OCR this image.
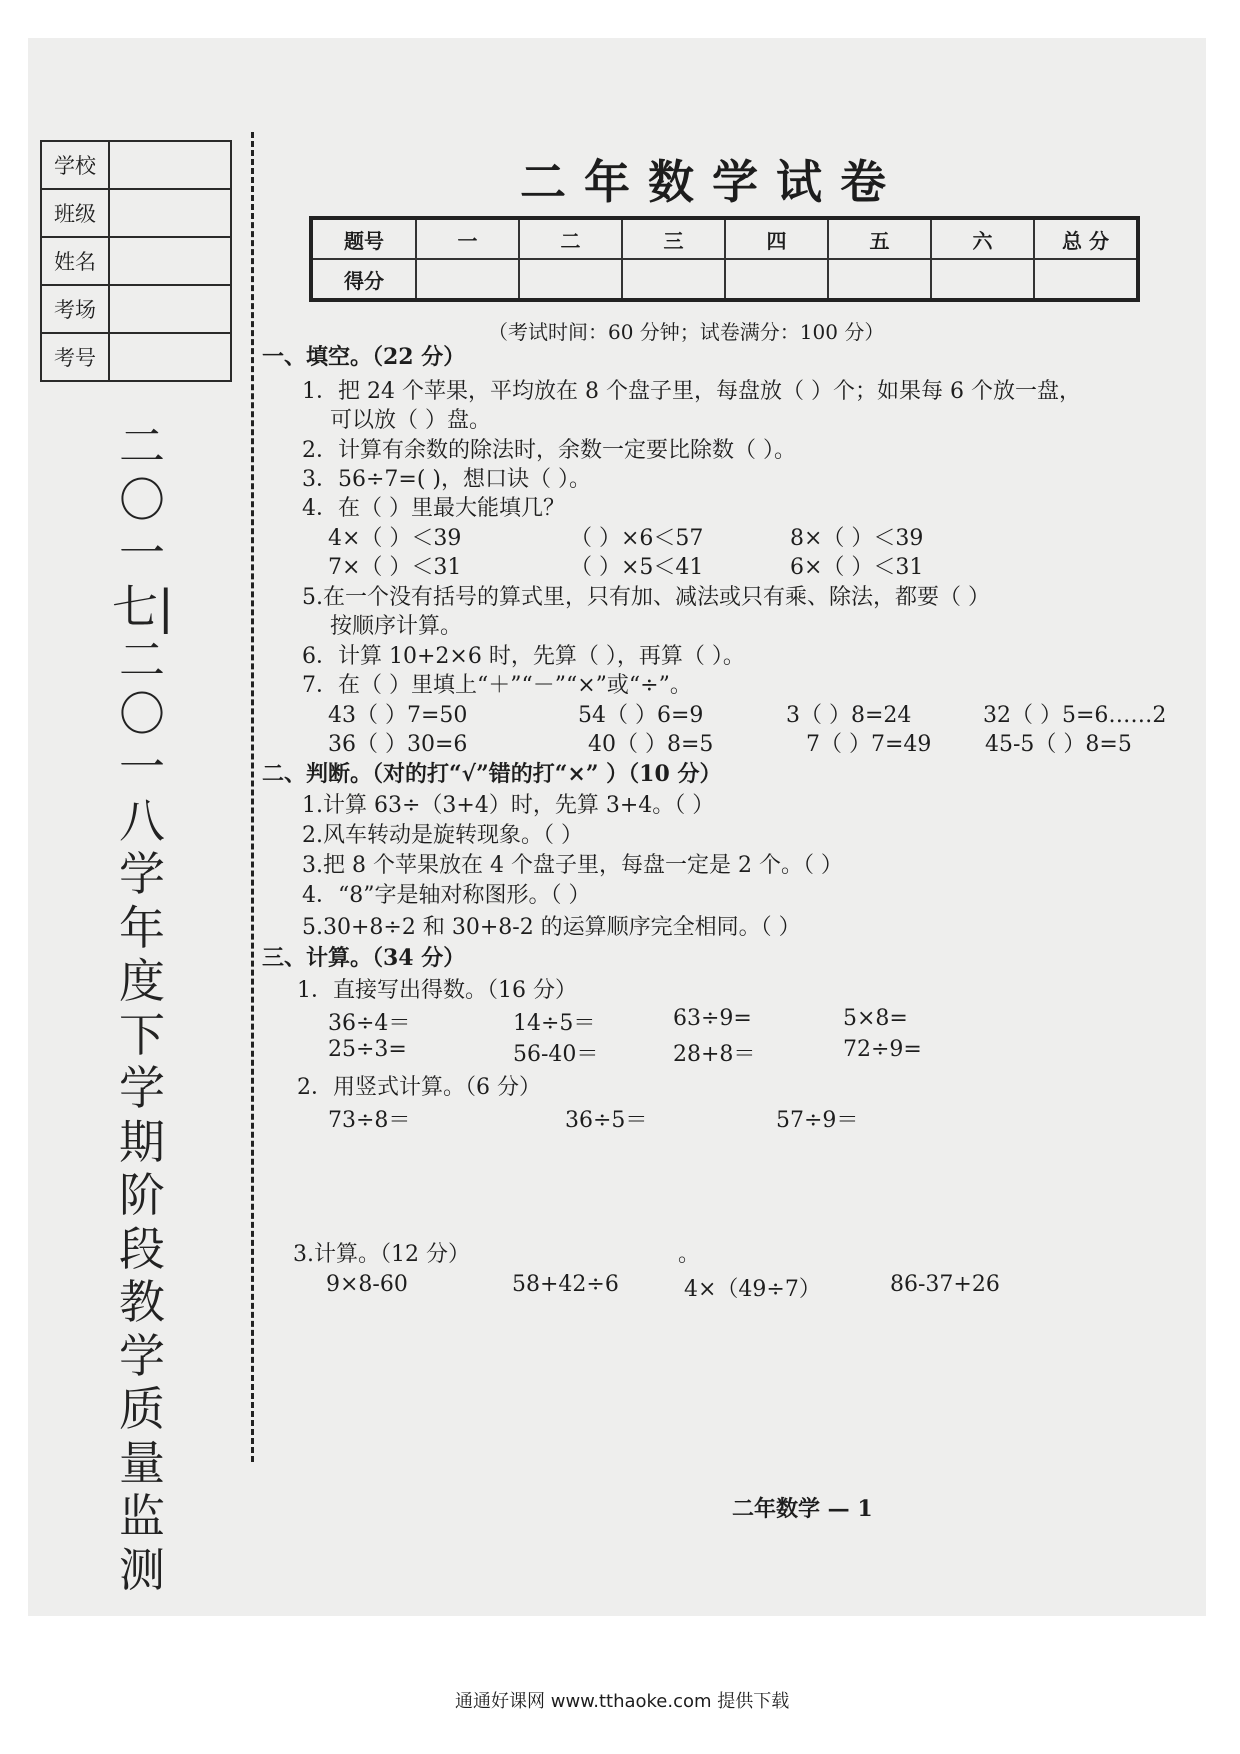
学校	
班级	
姓名	
考场	
考号	
二〇一七|二〇一八学年度下学期阶段教学质量监测
二年数学试卷
题号	一	二	三	四	五	六	总 分
得分							
（考试时间：60 分钟；试卷满分：100 分）
一、填空。（22 分）
1．把 24 个苹果，平均放在 8 个盘子里，每盘放（ ）个；如果每 6 个放一盘，
可以放（ ）盘。
2．计算有余数的除法时，余数一定要比除数（ ）。
3．56÷7=( )，想口诀（ ）。
4．在（ ）里最大能填几？
4×（ ）＜39	（ ）×6＜57	8×（ ）＜39
7×（ ）＜31	（ ）×5＜41	6×（ ）＜31
5.在一个没有括号的算式里，只有加、减法或只有乘、除法，都要（ ）
按顺序计算。
6．计算 10+2×6 时，先算（ ），再算（ ）。
7．在（ ）里填上“＋”“－”“×”或“÷”。
43（ ）7=50	54（ ）6=9	3（ ）8=24	32（ ）5=6……2
36（ ）30=6	40（ ）8=5	7（ ）7=49 45-5（ ）8=5
二、判断。（对的打“√”错的打“×” ）（10 分）
1.计算 63÷（3+4）时，先算 3+4。（ ）
2.风车转动是旋转现象。（ ）
3.把 8 个苹果放在 4 个盘子里，每盘一定是 2 个。（ ）
4．“8”字是轴对称图形。（ ）
5.30+8÷2 和 30+8-2 的运算顺序完全相同。（ ）
三、计算。（34 分）
1．直接写出得数。（16 分）
36÷4＝	14÷5＝	63÷9=	5×8=
25÷3=	56-40＝	28+8＝	72÷9=
2．用竖式计算。（6 分）
73÷8＝	36÷5＝	57÷9＝
3.计算。（12 分）	。
9×8-60	58+42÷6	4×（49÷7）	86-37+26
二年数学 — 1
通通好课网 www.tthaoke.com 提供下载
